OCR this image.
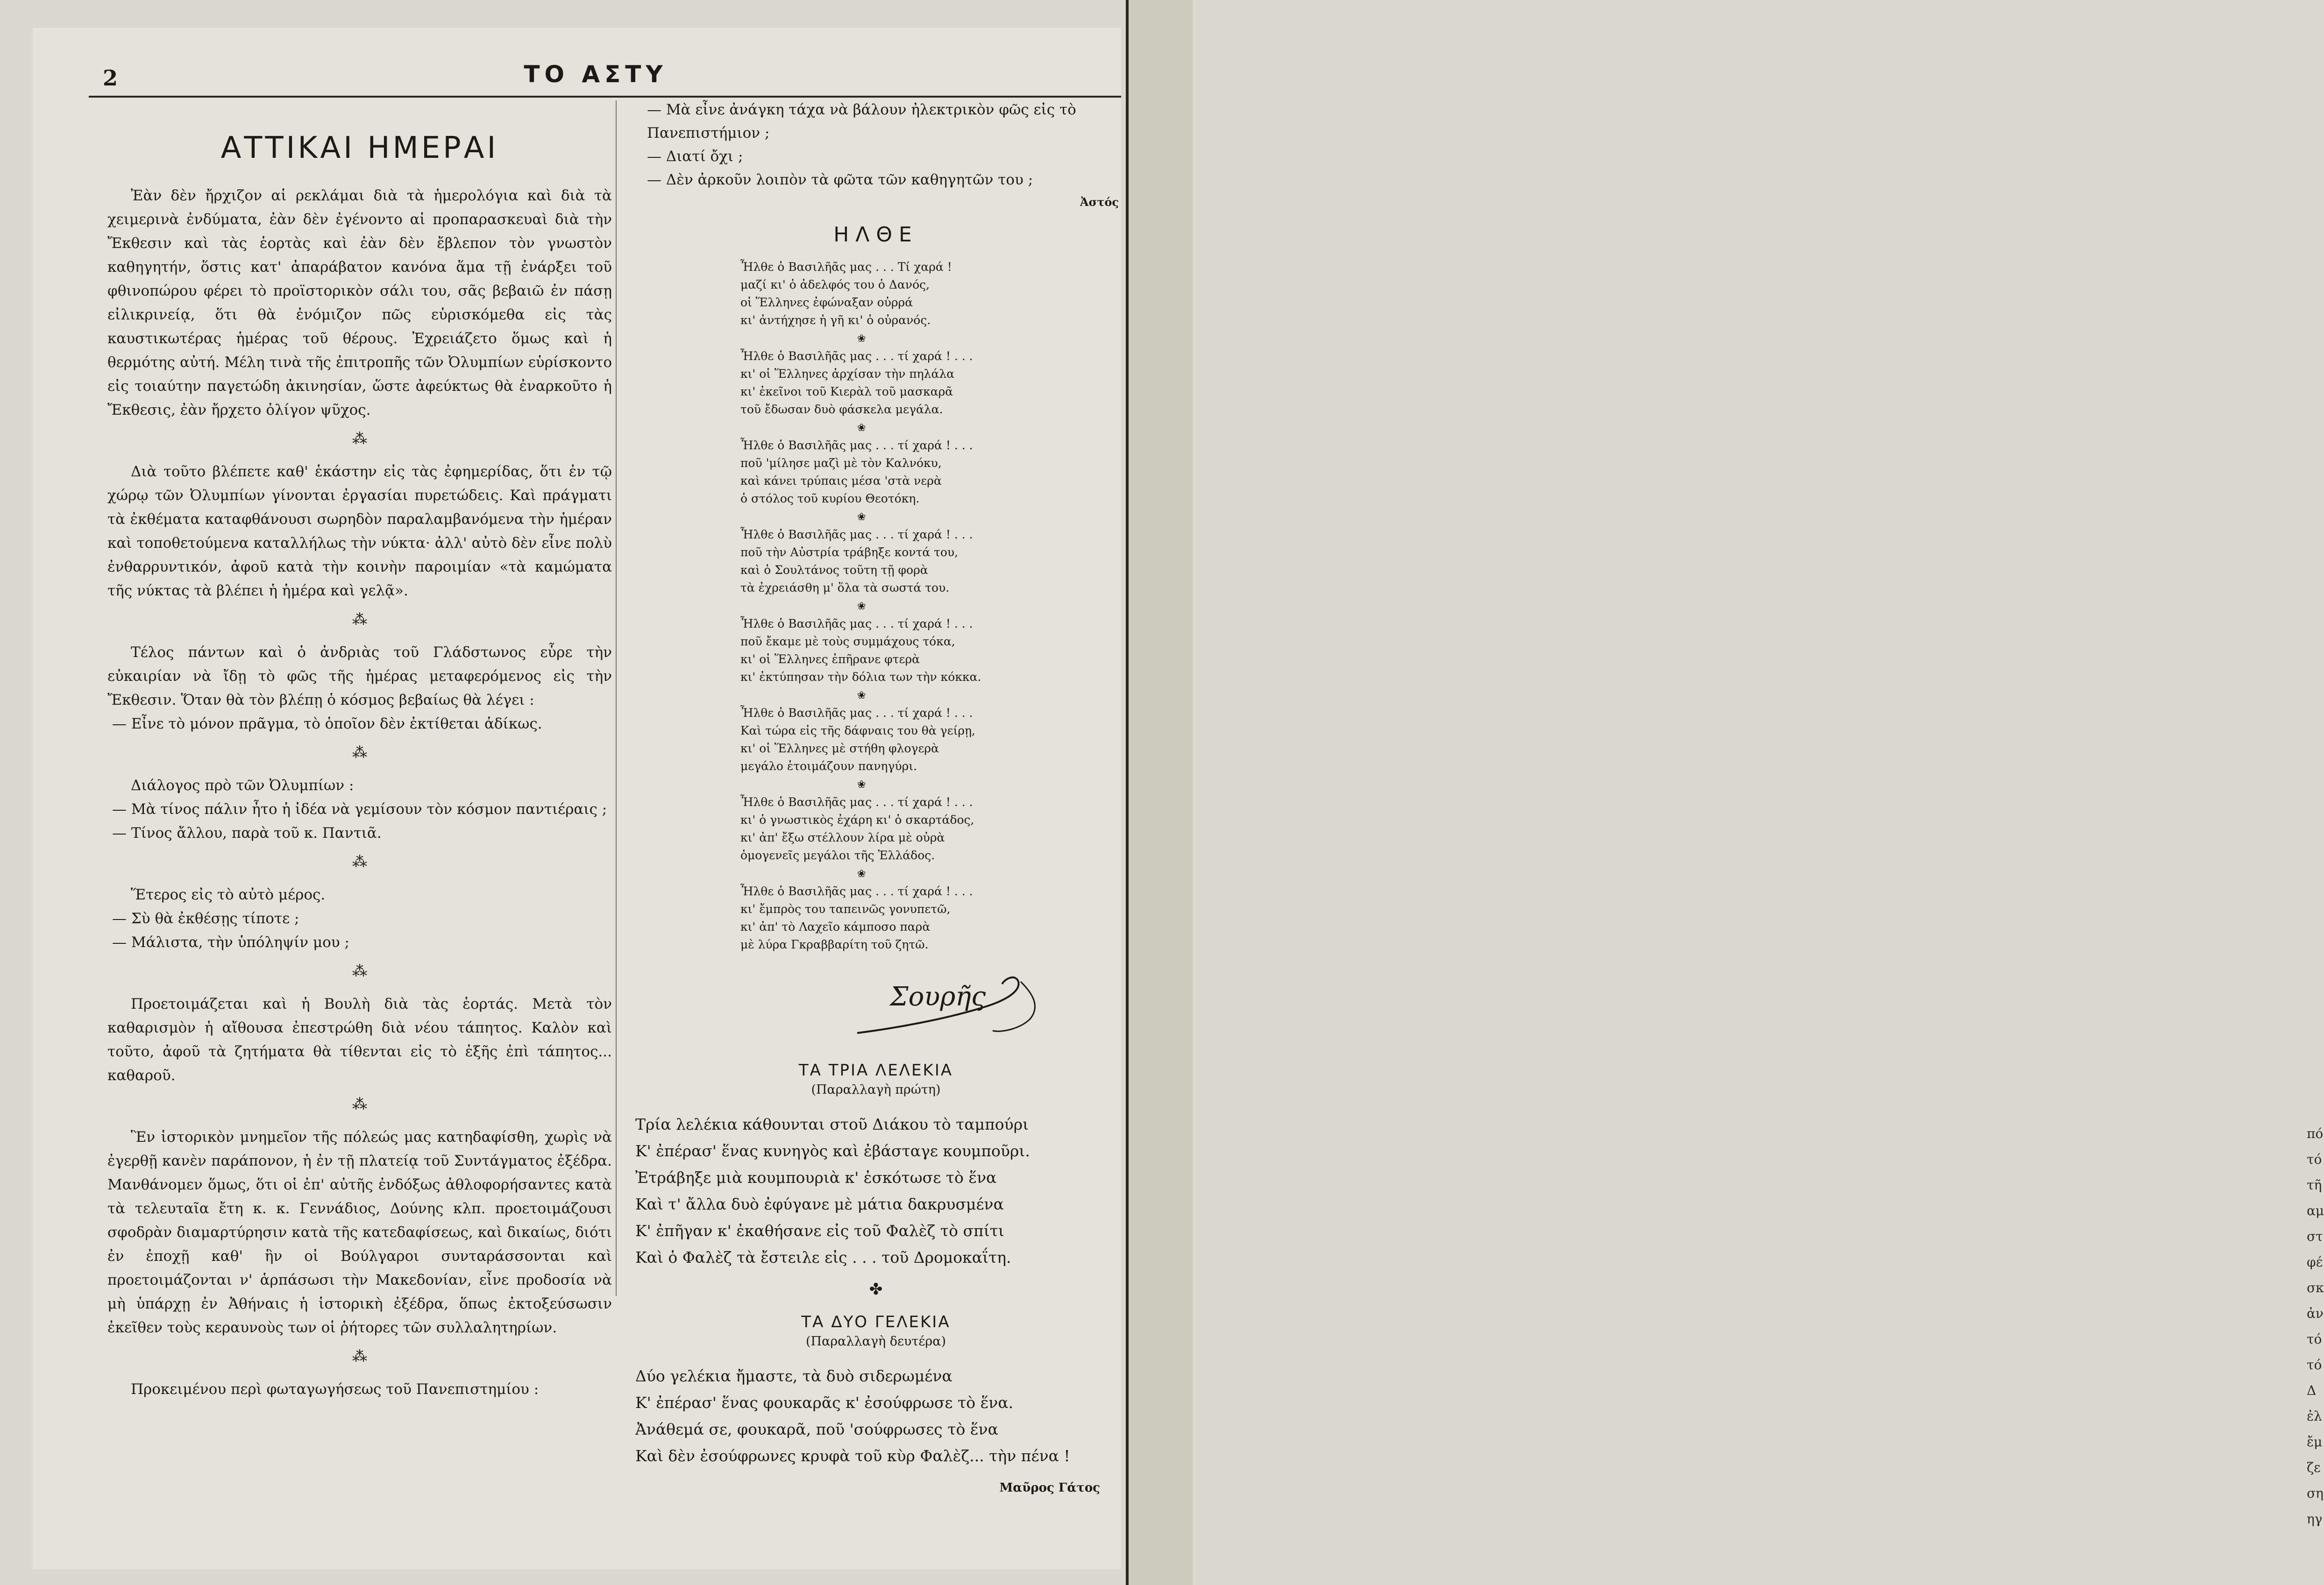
πό
τό
τῆ
αμ
στ
φέ
σκ
ἀν
τό
τό
Δ
ἐλ
ἔμ
ζε
ση
ηγ
2	ΤΟ ΑΣΤΥ
ΑΤΤΙΚΑΙ ΗΜΕΡΑΙ

Ἐὰν δὲν ἤρχιζον αἱ ρεκλάμαι διὰ τὰ ἡμερολόγια καὶ διὰ τὰ χειμερινὰ ἐνδύματα, ἐὰν δὲν ἐγένοντο αἱ προπαρασκευαὶ διὰ τὴν Ἔκθεσιν καὶ τὰς ἑορτὰς καὶ ἐὰν δὲν ἔβλεπον τὸν γνωστὸν καθηγητήν, ὅστις κατ' ἀπαράβατον κανόνα ἅμα τῇ ἐνάρξει τοῦ φθινοπώρου φέρει τὸ προϊστορικὸν σάλι του, σᾶς βεβαιῶ ἐν πάσῃ εἰλικρινείᾳ, ὅτι θὰ ἐνόμιζον πῶς εὑρισκόμεθα εἰς τὰς καυστικωτέρας ἡμέρας τοῦ θέρους. Ἐχρειάζετο ὅμως καὶ ἡ θερμότης αὐτή. Μέλη τινὰ τῆς ἐπιτροπῆς τῶν Ὀλυμπίων εὑρίσκοντο εἰς τοιαύτην παγετώδη ἀκινησίαν, ὥστε ἀφεύκτως θὰ ἐναρκοῦτο ἡ Ἔκθεσις, ἐὰν ἤρχετο ὀλίγον ψῦχος.

⁂

Διὰ τοῦτο βλέπετε καθ' ἑκάστην εἰς τὰς ἐφημερίδας, ὅτι ἐν τῷ χώρῳ τῶν Ὀλυμπίων γίνονται ἐργασίαι πυρετώδεις. Καὶ πράγματι τὰ ἐκθέματα καταφθάνουσι σωρηδὸν παραλαμβανόμενα τὴν ἡμέραν καὶ τοποθετούμενα καταλλήλως τὴν νύκτα· ἀλλ' αὐτὸ δὲν εἶνε πολὺ ἐνθαρρυντικόν, ἀφοῦ κατὰ τὴν κοινὴν παροιμίαν «τὰ καμώματα τῆς νύκτας τὰ βλέπει ἡ ἡμέρα καὶ γελᾷ».

⁂

Τέλος πάντων καὶ ὁ ἀνδριὰς τοῦ Γλάδστωνος εὗρε τὴν εὐκαιρίαν νὰ ἴδῃ τὸ φῶς τῆς ἡμέρας μεταφερόμενος εἰς τὴν Ἔκθεσιν. Ὅταν θὰ τὸν βλέπῃ ὁ κόσμος βεβαίως θὰ λέγει :

— Εἶνε τὸ μόνον πρᾶγμα, τὸ ὁποῖον δὲν ἐκτίθεται ἀδίκως.

⁂

Διάλογος πρὸ τῶν Ὀλυμπίων :

— Μὰ τίνος πάλιν ἦτο ἡ ἰδέα νὰ γεμίσουν τὸν κόσμον παντιέραις ;

— Τίνος ἄλλου, παρὰ τοῦ κ. Παντιᾶ.

⁂

Ἕτερος εἰς τὸ αὐτὸ μέρος.

— Σὺ θὰ ἐκθέσῃς τίποτε ;

— Μάλιστα, τὴν ὑπόληψίν μου ;

⁂

Προετοιμάζεται καὶ ἡ Βουλὴ διὰ τὰς ἑορτάς. Μετὰ τὸν καθαρισμὸν ἡ αἴθουσα ἐπεστρώθη διὰ νέου τάπητος. Καλὸν καὶ τοῦτο, ἀφοῦ τὰ ζητήματα θὰ τίθενται εἰς τὸ ἑξῆς ἐπὶ τάπητος... καθαροῦ.

⁂

Ἓν ἱστορικὸν μνημεῖον τῆς πόλεώς μας κατηδαφίσθη, χωρὶς νὰ ἐγερθῇ κανὲν παράπονον, ἡ ἐν τῇ πλατείᾳ τοῦ Συντάγματος ἐξέδρα. Μανθάνομεν ὅμως, ὅτι οἱ ἐπ' αὐτῆς ἐνδόξως ἀθλοφορήσαντες κατὰ τὰ τελευταῖα ἔτη κ. κ. Γεννάδιος, Δούνης κλπ. προετοιμάζουσι σφοδρὰν διαμαρτύρησιν κατὰ τῆς κατεδαφίσεως, καὶ δικαίως, διότι ἐν ἐποχῇ καθ' ἣν οἱ Βούλγαροι συνταράσσονται καὶ προετοιμάζονται ν' ἁρπάσωσι τὴν Μακεδονίαν, εἶνε προδοσία νὰ μὴ ὑπάρχῃ ἐν Ἀθήναις ἡ ἱστορικὴ ἐξέδρα, ὅπως ἐκτοξεύσωσιν ἐκεῖθεν τοὺς κεραυνοὺς των οἱ ῥήτορες τῶν συλλαλητηρίων.

⁂

Προκειμένου περὶ φωταγωγήσεως τοῦ Πανεπιστημίου :

— Μὰ εἶνε ἀνάγκη τάχα νὰ βάλουν ἠλεκτρικὸν φῶς εἰς τὸ Πανεπιστήμιον ;

— Διατί ὄχι ;

— Δὲν ἀρκοῦν λοιπὸν τὰ φῶτα τῶν καθηγητῶν του ;

Ἀστός
ΗΛΘΕ

Ἦλθε ὁ Βασιλῆᾶς μας . . . Τί χαρά !

μαζί κι' ὁ ἀδελφός του ὁ Δανός,

οἱ Ἕλληνες ἐφώναξαν οὐρρά

κι' ἀντήχησε ἡ γῆ κι' ὁ οὐρανός.

❀

Ἦλθε ὁ Βασιλῆᾶς μας . . . τί χαρά ! . . .

κι' οἱ Ἕλληνες ἀρχίσαν τὴν πηλάλα

κι' ἐκεῖνοι τοῦ Κιερὰλ τοῦ μασκαρᾶ

τοῦ ἔδωσαν δυὸ φάσκελα μεγάλα.

❀

Ἦλθε ὁ Βασιλῆᾶς μας . . . τί χαρά ! . . .

ποῦ 'μίλησε μαζὶ μὲ τὸν Καλνόκυ,

καὶ κάνει τρύπαις μέσα 'στὰ νερὰ

ὁ στόλος τοῦ κυρίου Θεοτόκη.

❀

Ἦλθε ὁ Βασιλῆᾶς μας . . . τί χαρά ! . . .

ποῦ τὴν Αὐστρία τράβηξε κοντά του,

καὶ ὁ Σουλτάνος τοῦτη τῇ φορὰ

τὰ ἐχρειάσθη μ' ὅλα τὰ σωστά του.

❀

Ἦλθε ὁ Βασιλῆᾶς μας . . . τί χαρά ! . . .

ποῦ ἔκαμε μὲ τοὺς συμμάχους τόκα,

κι' οἱ Ἕλληνες ἐπῆρανε φτερὰ

κι' ἐκτύπησαν τὴν δόλια των τὴν κόκκα.

❀

Ἦλθε ὁ Βασιλῆᾶς μας . . . τί χαρά ! . . .

Καὶ τώρα εἰς τῆς δάφναις του θὰ γείρῃ,

κι' οἱ Ἕλληνες μὲ στήθη φλογερὰ

μεγάλο ἑτοιμάζουν πανηγύρι.

❀

Ἦλθε ὁ Βασιλῆᾶς μας . . . τί χαρά ! . . .

κι' ὁ γνωστικὸς ἐχάρη κι' ὁ σκαρτάδος,

κι' ἀπ' ἔξω στέλλουν λίρα μὲ οὐρὰ

ὁμογενεῖς μεγάλοι τῆς Ἑλλάδος.

❀

Ἦλθε ὁ Βασιλῆᾶς μας . . . τί χαρά ! . . .

κι' ἔμπρὸς του ταπεινῶς γονυπετῶ,

κι' ἀπ' τὸ Λαχεῖο κάμποσο παρὰ

μὲ λύρα Γκραββαρίτη τοῦ ζητῶ.

Σουρῆς
ΤΑ ΤΡΙΑ ΛΕΛΕΚΙΑ
(Παραλλαγὴ πρώτη)

Τρία λελέκια κάθουνται στοῦ Διάκου τὸ ταμπούρι

Κ' ἐπέρασ' ἕνας κυνηγὸς καὶ ἐβάσταγε κουμποῦρι.

Ἐτράβηξε μιὰ κουμπουριὰ κ' ἐσκότωσε τὸ ἕνα

Καὶ τ' ἄλλα δυὸ ἐφύγανε μὲ μάτια δακρυσμένα

Κ' ἐπῆγαν κ' ἐκαθήσανε εἰς τοῦ Φαλὲζ τὸ σπίτι

Καὶ ὁ Φαλὲζ τὰ ἔστειλε εἰς . . . τοῦ Δρομοκαΐτη.

✤
ΤΑ ΔΥΟ ΓΕΛΕΚΙΑ
(Παραλλαγὴ δευτέρα)

Δύο γελέκια ἤμαστε, τὰ δυὸ σιδερωμένα

Κ' ἐπέρασ' ἕνας φουκαρᾶς κ' ἐσούφρωσε τὸ ἕνα.

Ἀνάθεμά σε, φουκαρᾶ, ποῦ 'σούφρωσες τὸ ἕνα

Καὶ δὲν ἐσούφρωνες κρυφὰ τοῦ κὺρ Φαλὲζ... τὴν πένα !

Μαῦρος Γάτος
